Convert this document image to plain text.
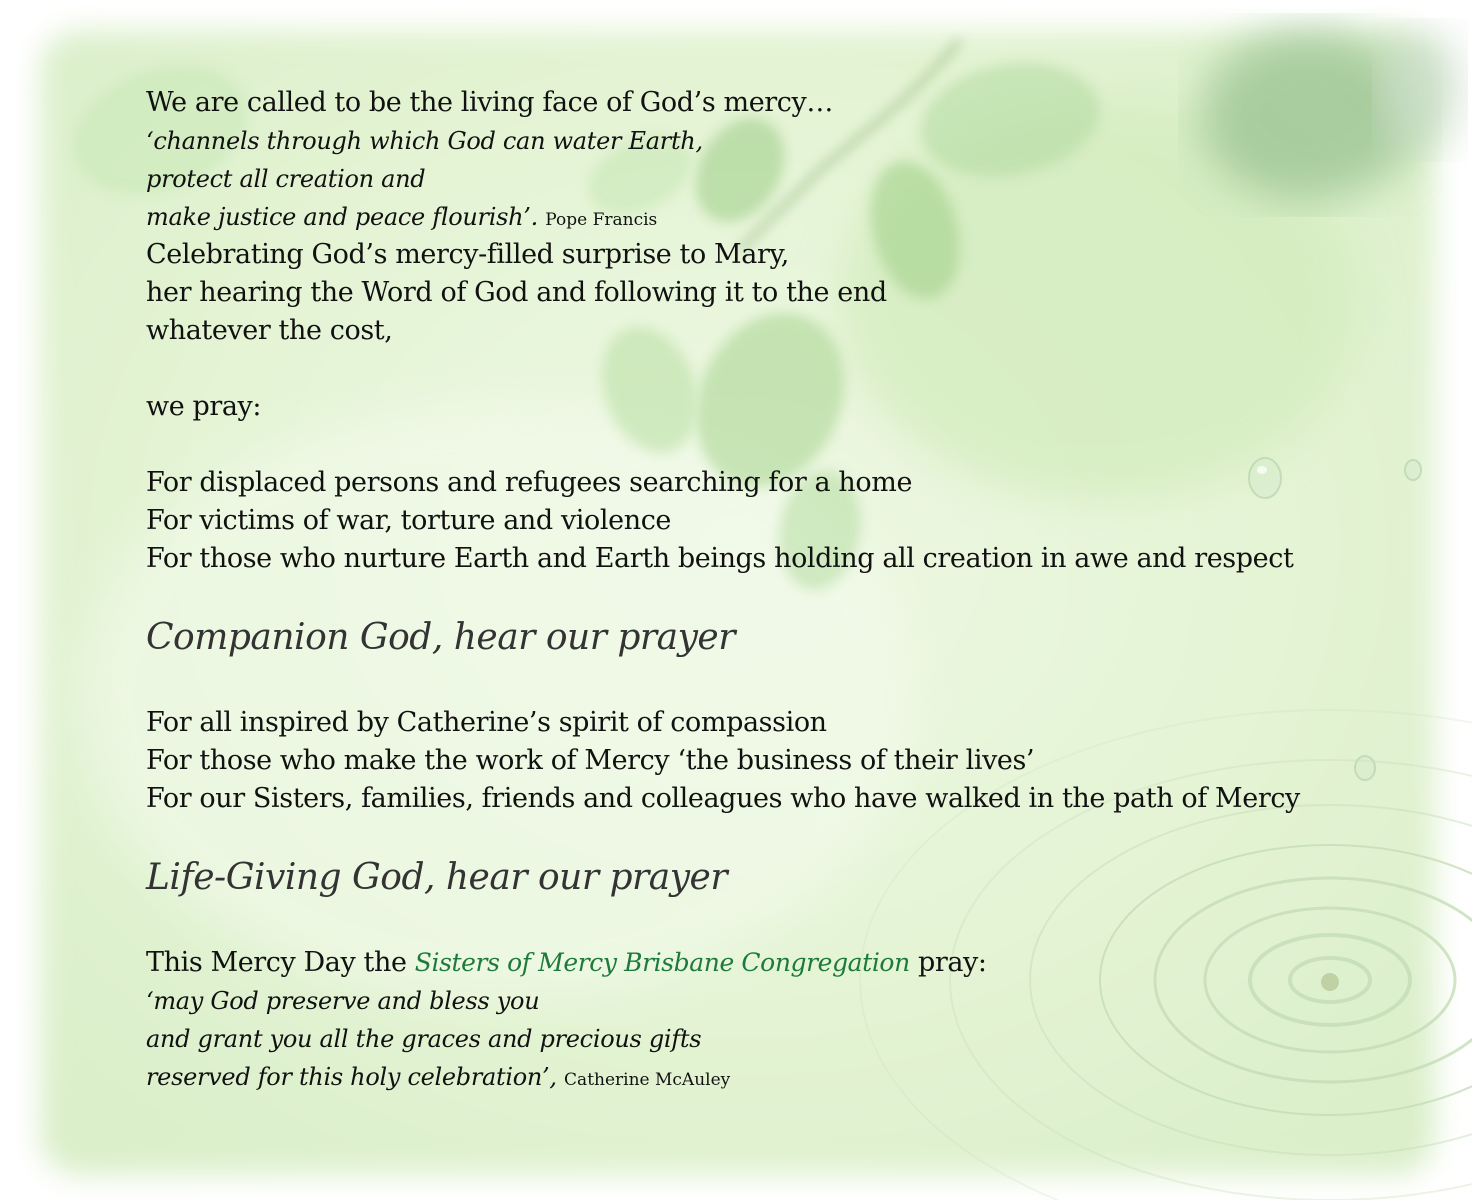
We are called to be the living face of God’s mercy…
‘channels through which God can water Earth,
protect all creation and
make justice and peace flourish’. Pope Francis
Celebrating God’s mercy-filled surprise to Mary,
her hearing the Word of God and following it to the end
whatever the cost,
we pray:
For displaced persons and refugees searching for a home
For victims of war, torture and violence
For those who nurture Earth and Earth beings holding all creation in awe and respect
Companion God, hear our prayer
For all inspired by Catherine’s spirit of compassion
For those who make the work of Mercy ‘the business of their lives’
For our Sisters, families, friends and colleagues who have walked in the path of Mercy
Life-Giving God, hear our prayer
This Mercy Day the Sisters of Mercy Brisbane Congregation pray:
‘may God preserve and bless you
and grant you all the graces and precious gifts
reserved for this holy celebration’, Catherine McAuley
